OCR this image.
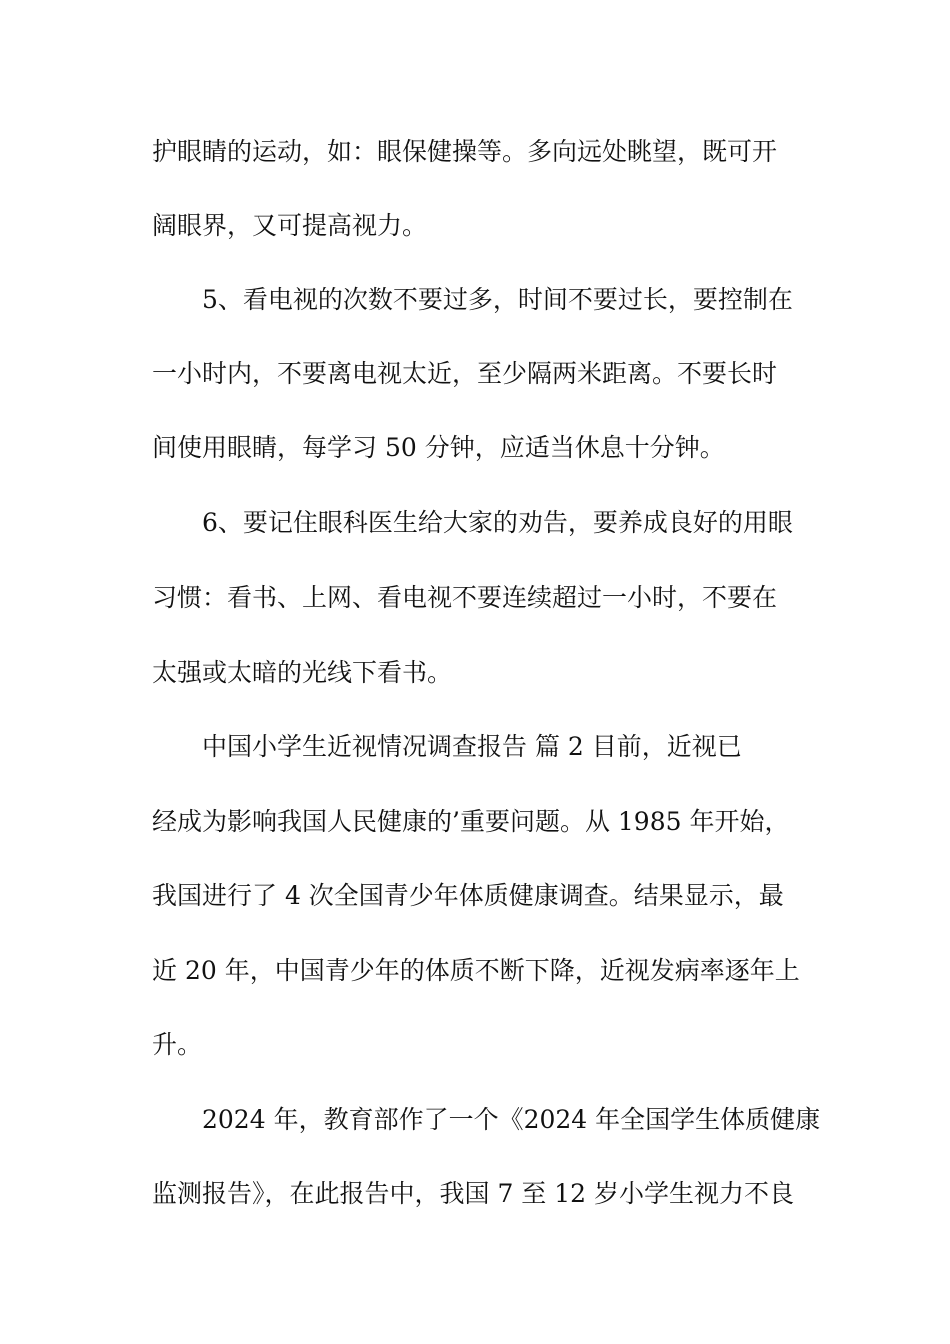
护眼睛的运动，如：眼保健操等。多向远处眺望，既可开
阔眼界，又可提高视力。
5、看电视的次数不要过多，时间不要过长，要控制在
一小时内，不要离电视太近，至少隔两米距离。不要长时
间使用眼睛，每学习 50 分钟，应适当休息十分钟。
6、要记住眼科医生给大家的劝告，要养成良好的用眼
习惯：看书、上网、看电视不要连续超过一小时，不要在
太强或太暗的光线下看书。
中国小学生近视情况调查报告 篇 2 目前，近视已
经成为影响我国人民健康的’重要问题。从 1985 年开始，
我国进行了 4 次全国青少年体质健康调查。结果显示，最
近 20 年，中国青少年的体质不断下降，近视发病率逐年上
升。
2024 年，教育部作了一个《2024 年全国学生体质健康
监测报告》，在此报告中，我国 7 至 12 岁小学生视力不良
